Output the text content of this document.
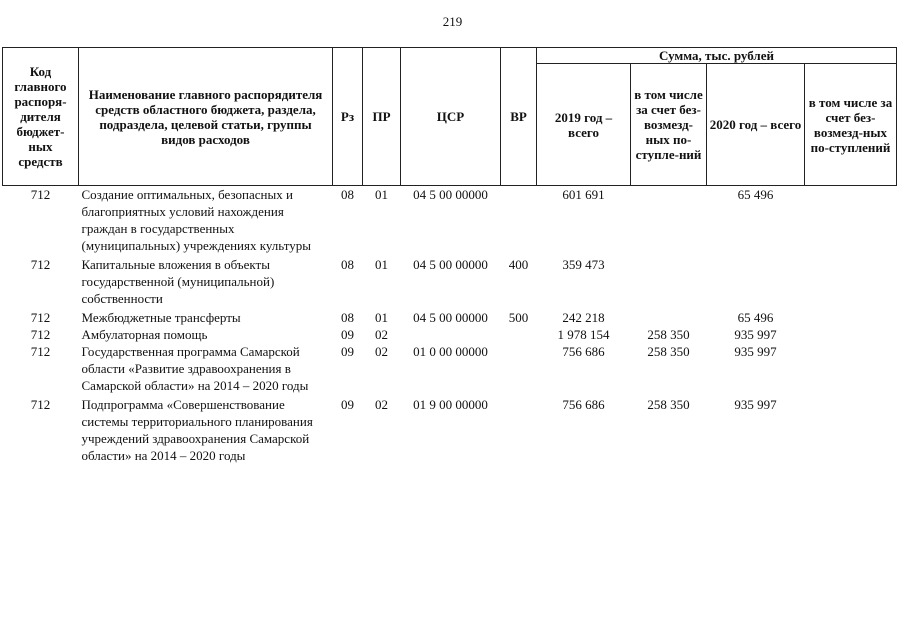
219
Код главного распоря-дителя бюджет-ных средств	Наименование главного распорядителя средств областного бюджета, раздела, подраздела, целевой статьи, группы видов расходов	Рз	ПР	ЦСР	ВР	Сумма, тыс. рублей			
						2019 год – всего	в том числе за счет без-возмезд-ных по-ступле-ний	2020 год – всего	в том числе за счет без-возмезд-ных по-ступлений
712	Создание оптимальных, безопасных и благоприятных условий нахождения граждан в государственных (муниципальных) учреждениях культуры	08	01	04 5 00 00000		601 691		65 496	
712	Капитальные вложения в объекты государственной (муниципальной) собственности	08	01	04 5 00 00000	400	359 473			
712	Межбюджетные трансферты	08	01	04 5 00 00000	500	242 218		65 496	
712	Амбулаторная помощь	09	02			1 978 154	258 350	935 997	
712	Государственная программа Самарской области «Развитие здравоохранения в Самарской области» на 2014 – 2020 годы	09	02	01 0 00 00000		756 686	258 350	935 997	
712	Подпрограмма «Совершенствование системы территориального планирования учреждений здравоохранения Самарской области» на 2014 – 2020 годы	09	02	01 9 00 00000		756 686	258 350	935 997	
